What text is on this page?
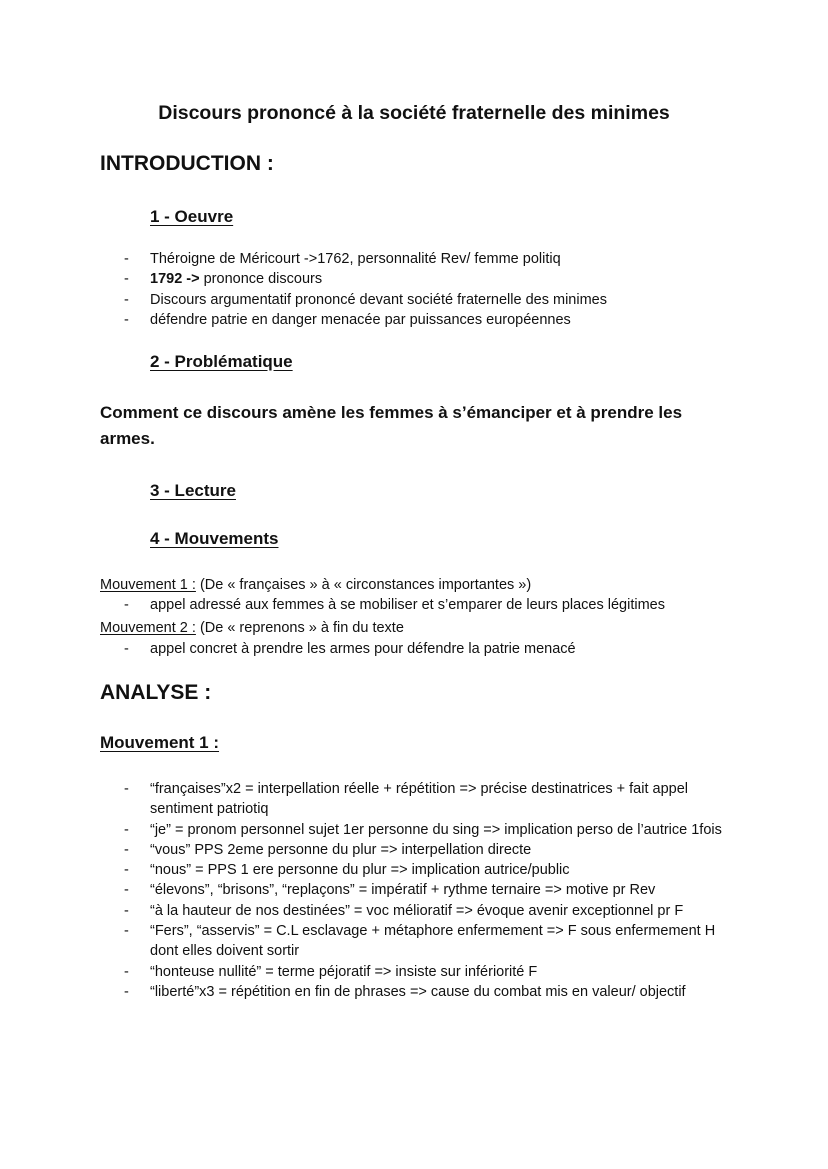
Discours prononcé à la société fraternelle des minimes
INTRODUCTION :
1 - Oeuvre
-	Théroigne de Méricourt ->1762, personnalité Rev/ femme politiq
-	1792 -> prononce discours
-	Discours argumentatif prononcé devant société fraternelle des minimes
-	défendre patrie en danger menacée par puissances européennes
2 - Problématique

Comment ce discours amène les femmes à s’émanciper et à prendre les armes.

3 - Lecture
4 - Mouvements

Mouvement 1 : (De « françaises » à « circonstances importantes »)

-	appel adressé aux femmes à se mobiliser et s’emparer de leurs places légitimes

Mouvement 2 : (De « reprenons » à fin du texte

-	appel concret à prendre les armes pour défendre la patrie menacé
ANALYSE :
Mouvement 1 :
-	“françaises”x2 = interpellation réelle + répétition => précise destinatrices + fait appel sentiment patriotiq
-	“je” = pronom personnel sujet 1er personne du sing => implication perso de l’autrice 1fois
-	“vous” PPS 2eme personne du plur => interpellation directe
-	“nous” = PPS 1 ere personne du plur => implication autrice/public
-	“élevons”, “brisons”, “replaçons” = impératif + rythme ternaire => motive pr Rev
-	“à la hauteur de nos destinées” = voc mélioratif => évoque avenir exceptionnel pr F
-	“Fers”, “asservis” = C.L esclavage + métaphore enfermement => F sous enfermement H dont elles doivent sortir
-	“honteuse nullité” = terme péjoratif => insiste sur infériorité F
-	“liberté”x3 = répétition en fin de phrases => cause du combat mis en valeur/ objectif
